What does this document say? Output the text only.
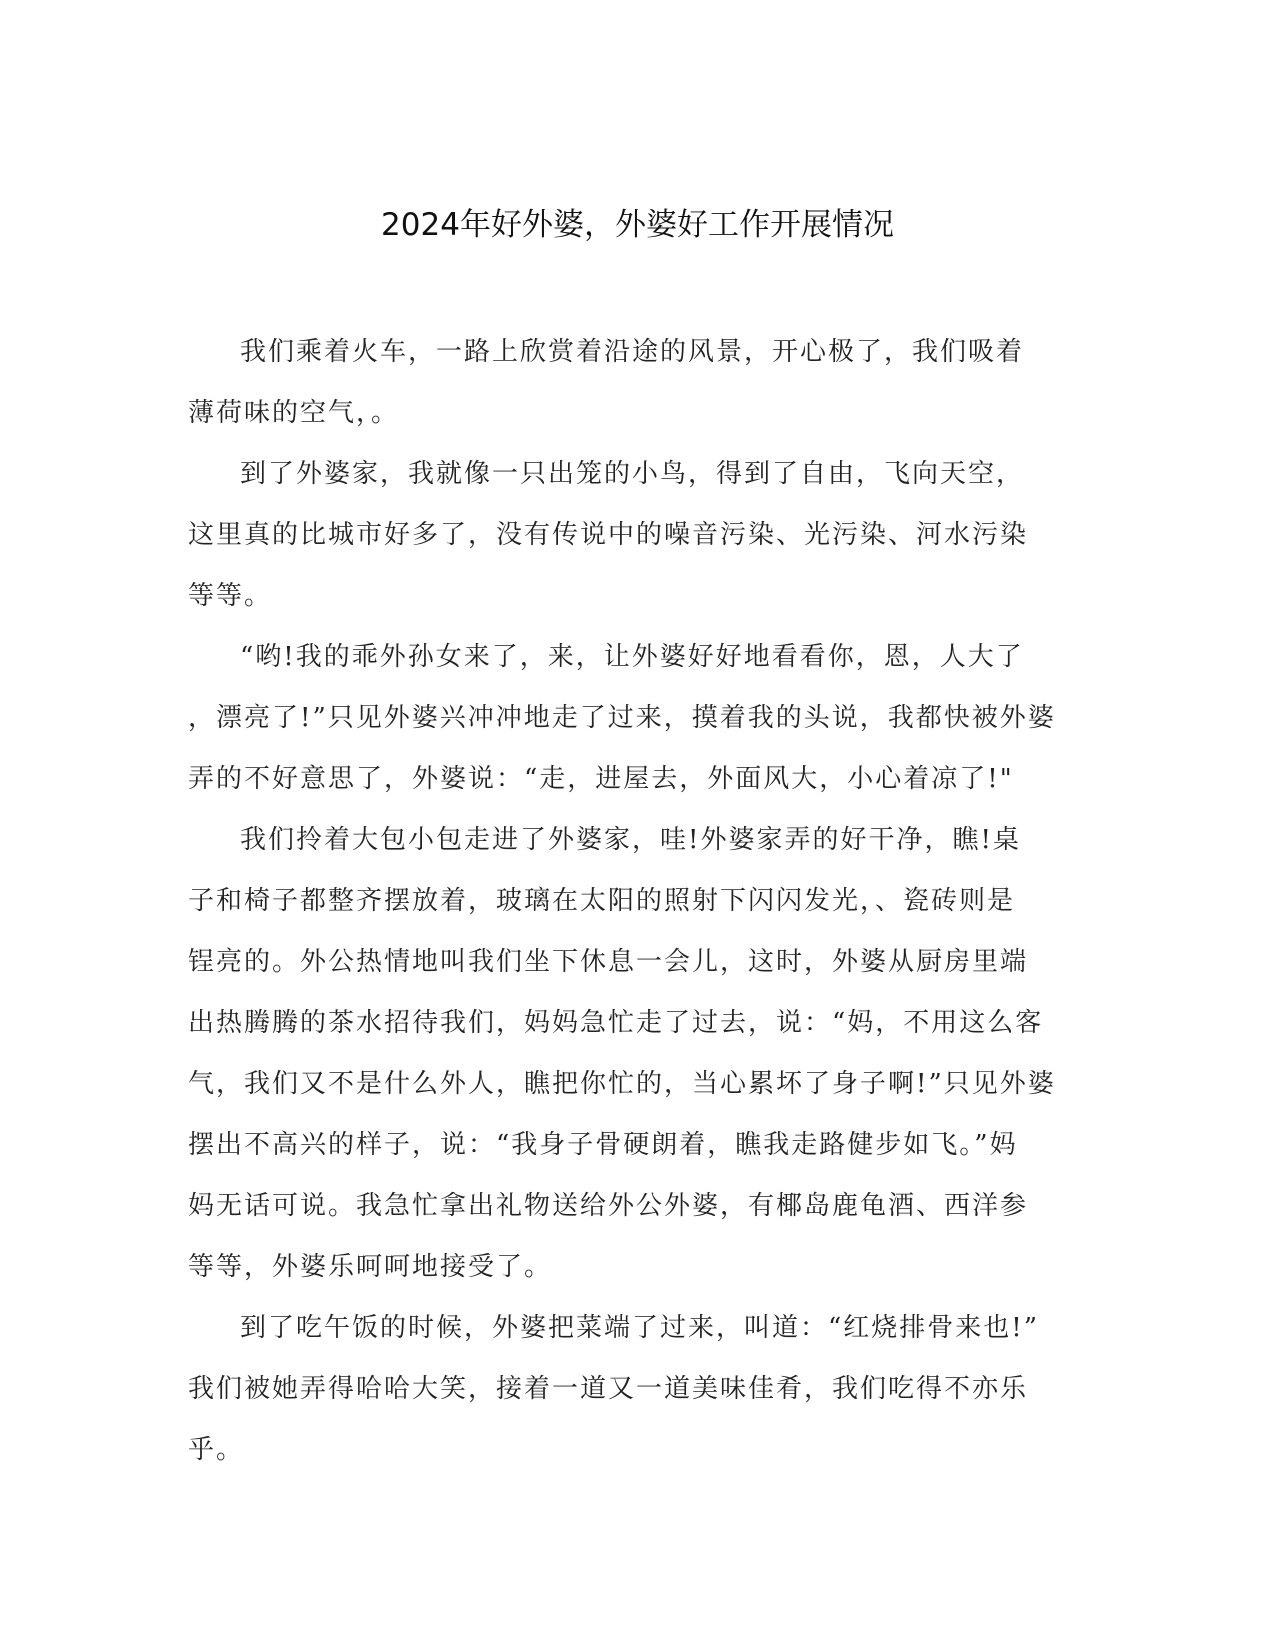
2024年好外婆，外婆好工作开展情况

我们乘着火车，一路上欣赏着沿途的风景，开心极了，我们吸着
薄荷味的空气，。

到了外婆家，我就像一只出笼的小鸟，得到了自由，飞向天空，
这里真的比城市好多了，没有传说中的噪音污染、光污染、河水污染
等等。

“哟!我的乖外孙女来了，来，让外婆好好地看看你，恩，人大了
，漂亮了!”只见外婆兴冲冲地走了过来，摸着我的头说，我都快被外婆
弄的不好意思了，外婆说：“走，进屋去，外面风大，小心着凉了!"

我们拎着大包小包走进了外婆家，哇!外婆家弄的好干净，瞧!桌
子和椅子都整齐摆放着，玻璃在太阳的照射下闪闪发光，、瓷砖则是
锃亮的。外公热情地叫我们坐下休息一会儿，这时，外婆从厨房里端
出热腾腾的茶水招待我们，妈妈急忙走了过去，说：“妈，不用这么客
气，我们又不是什么外人，瞧把你忙的，当心累坏了身子啊!”只见外婆
摆出不高兴的样子，说：“我身子骨硬朗着，瞧我走路健步如飞。”妈
妈无话可说。我急忙拿出礼物送给外公外婆，有椰岛鹿龟酒、西洋参
等等，外婆乐呵呵地接受了。

到了吃午饭的时候，外婆把菜端了过来，叫道：“红烧排骨来也!”
我们被她弄得哈哈大笑，接着一道又一道美味佳肴，我们吃得不亦乐
乎。
